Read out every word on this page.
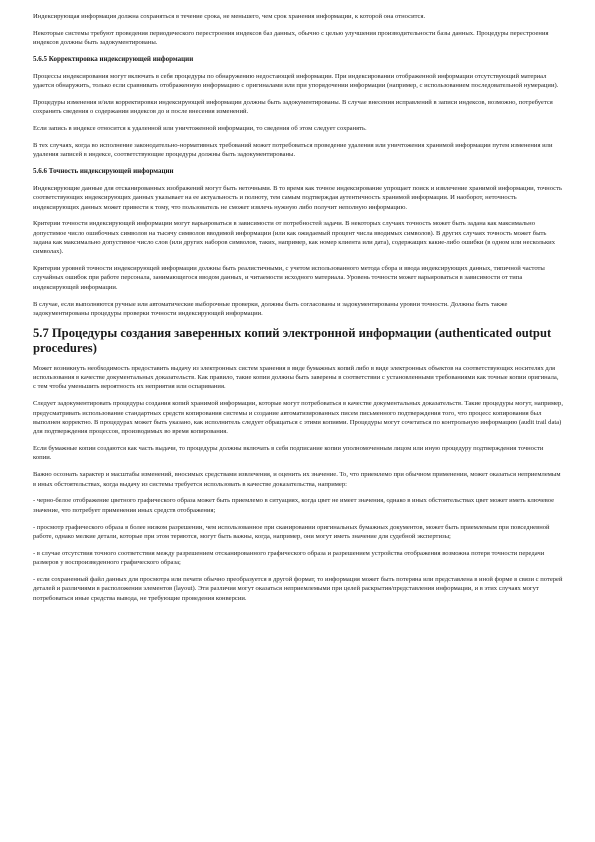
Индексирующая информация должна сохраняться в течение срока, не меньшего, чем срок хранения информации, к которой она относится.

Некоторые системы требуют проведения периодического перестроения индексов баз данных, обычно с целью улучшения производительности базы данных. Процедуры перестроения индексов должны быть задокументированы.

5.6.5 Корректировка индексирующей информации

Процессы индексирования могут включать в себя процедуры по обнаружению недостающей информации. При индексировании отображенной информации отсутствующий материал удается обнаружить, только если сравнивать отображенную информацию с оригиналами или при упорядочении информации (например, с использованием последовательной нумерации).

Процедуры изменения и/или корректировки индексирующей информации должны быть задокументированы. В случае внесения исправлений в записи индексов, возможно, потребуется сохранить сведения о содержании индексов до и после внесения изменений.

Если запись в индексе относится к удаленной или уничтоженной информации, то сведения об этом следует сохранять.

В тех случаях, когда во исполнение законодательно-нормативных требований может потребоваться проведение удаления или уничтожения хранимой информации путем изменения или удаления записей в индексе, соответствующие процедуры должны быть задокументированы.

5.6.6 Точность индексирующей информации

Индексирующие данные для отсканированных изображений могут быть неточными. В то время как точное индексирование упрощает поиск и извлечение хранимой информации, точность соответствующих индексирующих данных указывает на ее актуальность и полноту, тем самым подтверждая аутентичность хранимой информации. И наоборот, неточность индексирующих данных может привести к тому, что пользователь не сможет извлечь нужную либо получит неполную информацию.

Критерии точности индексирующей информации могут варьироваться в зависимости от потребностей задачи. В некоторых случаях точность может быть задана как максимально допустимое число ошибочных символов на тысячу символов вводимой информации (или как ожидаемый процент числа вводимых символов). В других случаях точность может быть задана как максимально допустимое число слов (или других наборов символов, таких, например, как номер клиента или дата), содержащих какие-либо ошибки (в одном или нескольких символах).

Критерии уровней точности индексирующей информации должны быть реалистичными, с учетом использованного метода сбора и ввода индексирующих данных, типичной частоты случайных ошибок при работе персонала, занимающегося вводом данных, и читаемости исходного материала. Уровень точности может варьироваться в зависимости от типа индексирующей информации.

В случае, если выполняются ручные или автоматические выборочные проверки, должны быть согласованы и задокументированы уровни точности. Должны быть также задокументированы процедуры проверки точности индексирующей информации.

5.7 Процедуры создания заверенных копий электронной информации (authenticated output procedures)

Может возникнуть необходимость предоставить выдачу из электронных систем хранения в виде бумажных копий либо в виде электронных объектов на соответствующих носителях для использования в качестве документальных доказательств. Как правило, такие копии должны быть заверены в соответствии с установленными требованиями как точные копии оригинала, с тем чтобы уменьшить вероятность их неприятия или оспаривания.

Следует задокументировать процедуры создания копий хранимой информации, которые могут потребоваться в качестве документальных доказательств. Такие процедуры могут, например, предусматривать использование стандартных средств копирования системы и создание автоматизированных писем письменного подтверждения того, что процесс копирования был выполнен корректно. В процедурах может быть указано, как исполнитель следует обращаться с этими копиями. Процедуры могут сочетаться по контрольную информацию (audit trail data) для подтверждения процессов, производимых во время копирования.

Если бумажные копии создаются как часть выдачи, то процедуры должны включать в себя подписание копии уполномоченным лицом или иную процедуру подтверждения точности копии.

Важно осознать характер и масштабы изменений, вносимых средствами извлечения, и оценить их значение. То, что приемлемо при обычном применении, может оказаться неприемлемым в иных обстоятельствах, когда выдачу из системы требуется использовать в качестве доказательства, например:

- черно-белое отображение цветного графического образа может быть приемлемо в ситуациях, когда цвет не имеет значения, однако в иных обстоятельствах цвет может иметь ключевое значение, что потребует применения иных средств отображения;

- просмотр графического образа в более низком разрешении, чем использованное при сканировании оригинальных бумажных документов, может быть приемлемым при повседневной работе, однако мелкие детали, которые при этом теряются, могут быть важны, когда, например, они могут иметь значение для судебной экспертизы;

- в случае отсутствия точного соответствия между разрешением отсканированного графического образа и разрешением устройства отображения возможна потеря точности передачи размеров у воспроизведенного графического образа;

- если сохраненный файл данных для просмотра или печати обычно преобразуется в другой формат, то информация может быть потеряна или представлена в иной форме в связи с потерей деталей и различиями в расположении элементов (layout). Эти различия могут оказаться неприемлемыми при целей раскрытия/представления информации, и в этих случаях могут потребоваться иные средства вывода, не требующие проведения конверсии.
